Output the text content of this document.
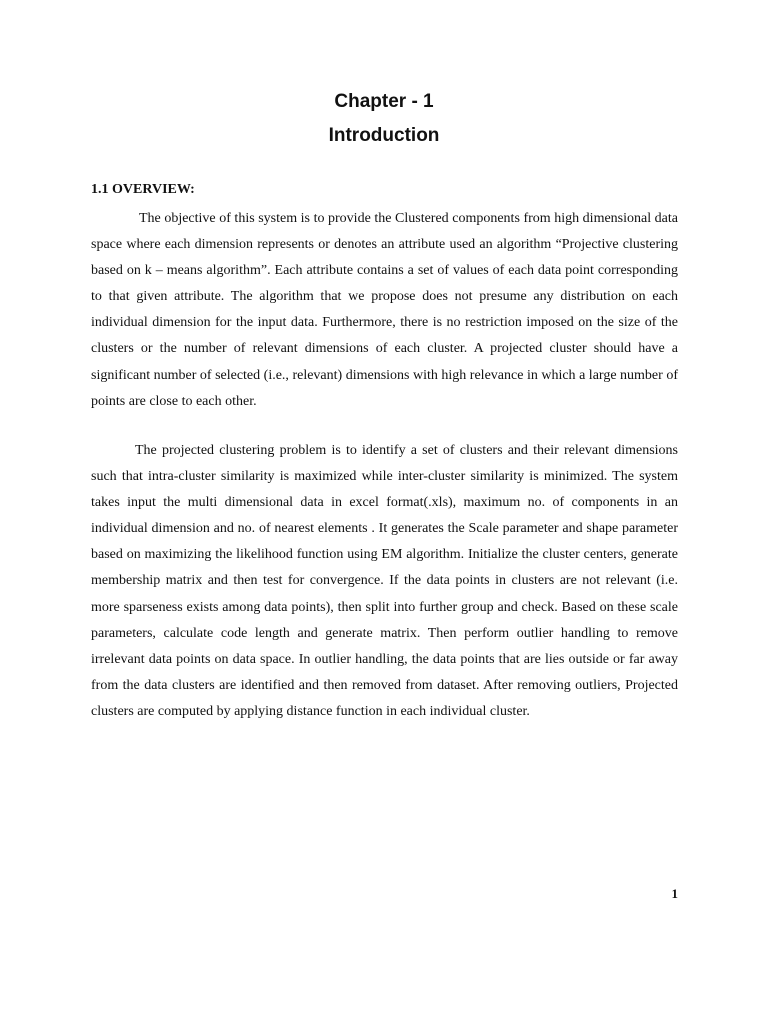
Chapter - 1
Introduction
1.1 OVERVIEW:

The objective of this system is to provide the Clustered components from high dimensional data space where each dimension represents or denotes an attribute used an algorithm “Projective clustering based on k – means algorithm”. Each attribute contains a set of values of each data point corresponding to that given attribute. The algorithm that we propose does not presume any distribution on each individual dimension for the input data. Furthermore, there is no restriction imposed on the size of the clusters or the number of relevant dimensions of each cluster. A projected cluster should have a significant number of selected (i.e., relevant) dimensions with high relevance in which a large number of points are close to each other.

The projected clustering problem is to identify a set of clusters and their relevant dimensions such that intra-cluster similarity is maximized while inter-cluster similarity is minimized. The system takes input the multi dimensional data in excel format(.xls), maximum no. of components in an individual dimension and no. of nearest elements . It generates the Scale parameter and shape parameter based on maximizing the likelihood function using EM algorithm. Initialize the cluster centers, generate membership matrix and then test for convergence. If the data points in clusters are not relevant (i.e. more sparseness exists among data points), then split into further group and check. Based on these scale parameters, calculate code length and generate matrix. Then perform outlier handling to remove irrelevant data points on data space. In outlier handling, the data points that are lies outside or far away from the data clusters are identified and then removed from dataset. After removing outliers, Projected clusters are computed by applying distance function in each individual cluster.

1
